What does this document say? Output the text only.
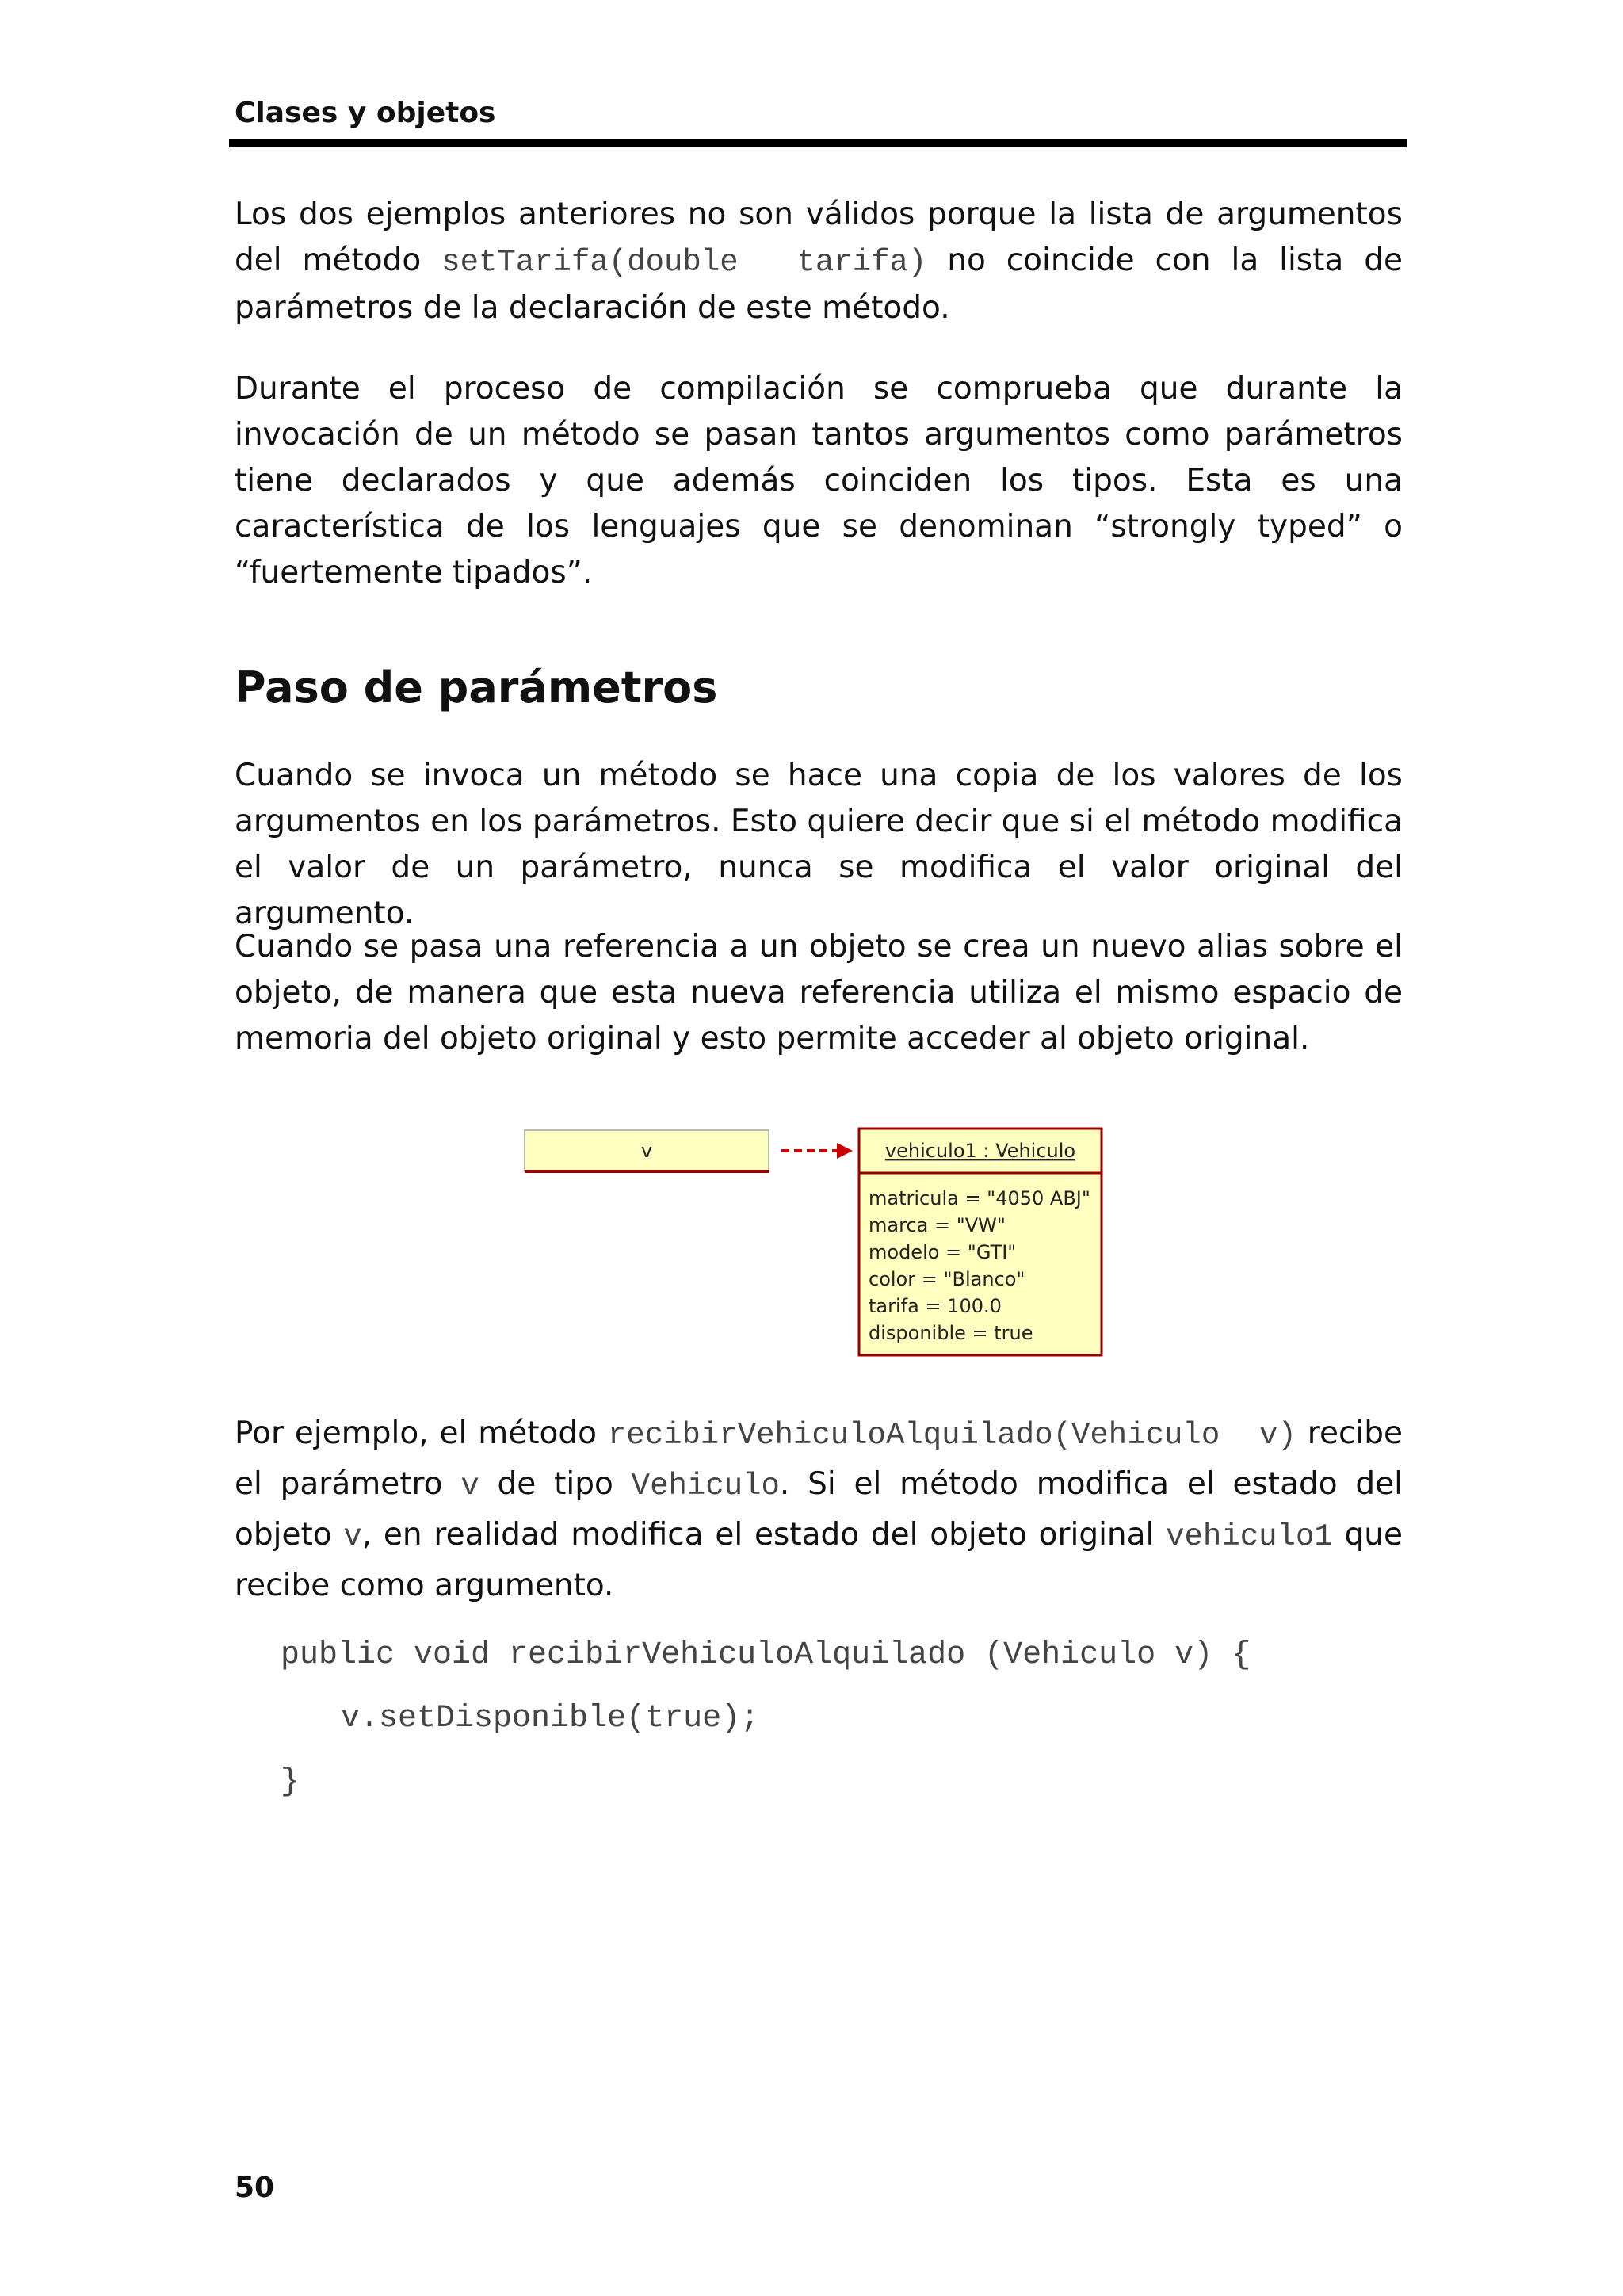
Clases y objetos

Los dos ejemplos anteriores no son válidos porque la lista de argumentos del método setTarifa(double  tarifa) no coincide con la lista de parámetros de la declaración de este método.

Durante el proceso de compilación se comprueba que durante la invocación de un método se pasan tantos argumentos como parámetros tiene declarados y que además coinciden los tipos. Esta es una característica de los lenguajes que se denominan “strongly typed” o “fuertemente tipados”.

Paso de parámetros

Cuando se invoca un método se hace una copia de los valores de los argumentos en los parámetros. Esto quiere decir que si el método modifica el valor de un parámetro, nunca se modifica el valor original del argumento.

Cuando se pasa una referencia a un objeto se crea un nuevo alias sobre el objeto, de manera que esta nueva referencia utiliza el mismo espacio de memoria del objeto original y esto permite acceder al objeto original.

v	vehiculo1 : Vehiculo
matricula = "4050 ABJ"
marca = "VW"
modelo = "GTI"
color = "Blanco"
tarifa = 100.0
disponible = true

Por ejemplo, el método recibirVehiculoAlquilado(Vehiculo  v) recibe el parámetro v de tipo Vehiculo. Si el método modifica el estado del objeto v, en realidad modifica el estado del objeto original vehiculo1 que recibe como argumento.

public void recibirVehiculoAlquilado (Vehiculo v) {
v.setDisponible(true);
}
50
